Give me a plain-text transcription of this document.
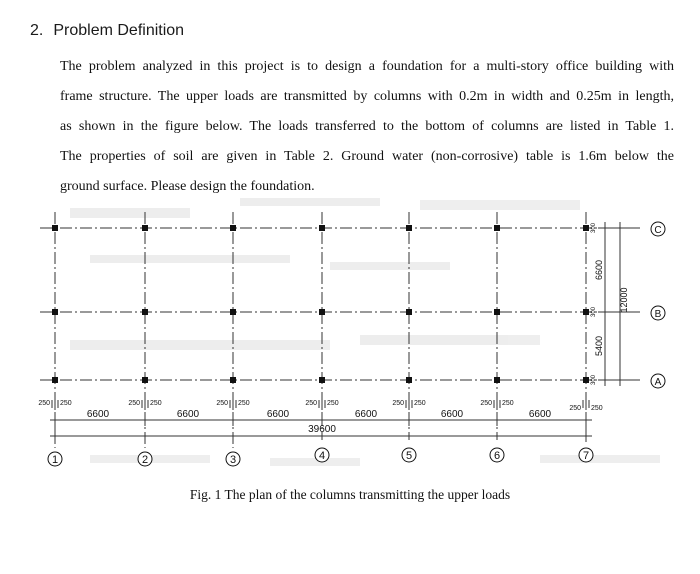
2. Problem Definition
The problem analyzed in this project is to design a foundation for a multi-story office building with
frame structure. The upper loads are transmitted by columns with 0.2m in width and 0.25m in length,
as shown in the figure below. The loads transferred to the bottom of columns are listed in Table 1.
The properties of soil are given in Table 2. Ground water (non-corrosive) table is 1.6m below the
ground surface. Please design the foundation.
250 250	250 250	250 250	250 250	250 250	250 250
250 250
6600	6600	6600	6600	6600	6600
39600
1	2	3	4	5	6	7
6600
5400
12000
300
300
300
C
B
A
Fig. 1 The plan of the columns transmitting the upper loads
